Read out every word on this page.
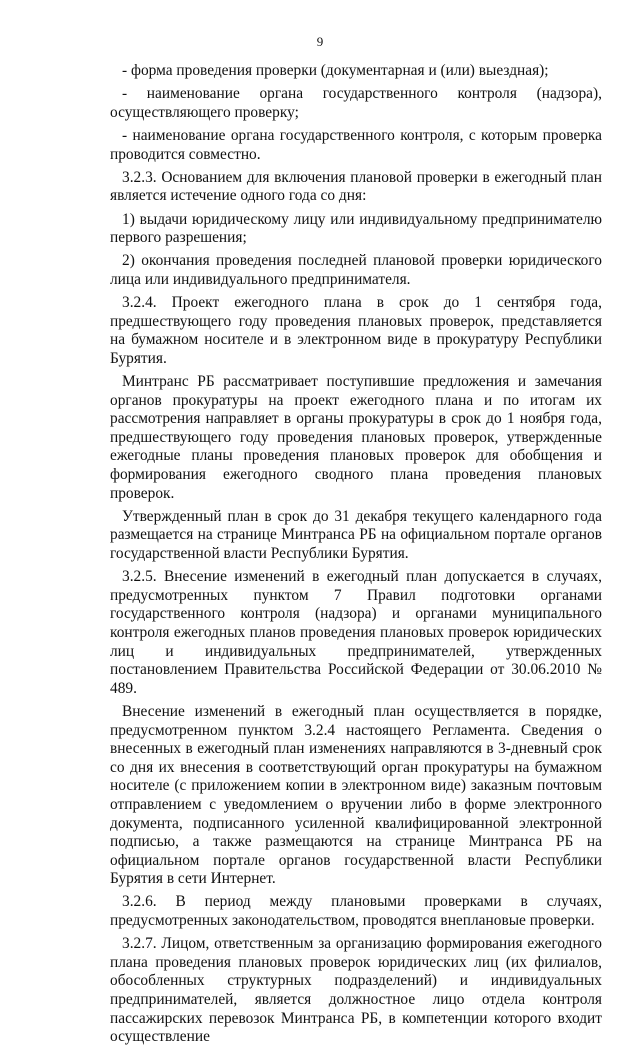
9

- форма проведения проверки (документарная и (или) выездная);

- наименование органа государственного контроля (надзора), осуществляющего проверку;

- наименование органа государственного контроля, с которым проверка проводится совместно.

3.2.3. Основанием для включения плановой проверки в ежегодный план является истечение одного года со дня:

1) выдачи юридическому лицу или индивидуальному предпринимателю первого разрешения;

2) окончания проведения последней плановой проверки юридического лица или индивидуального предпринимателя.

3.2.4. Проект ежегодного плана в срок до 1 сентября года, предшествующего году проведения плановых проверок, представляется на бумажном носителе и в электронном виде в прокуратуру Республики Бурятия.

Минтранс РБ рассматривает поступившие предложения и замечания органов прокуратуры на проект ежегодного плана и по итогам их рассмотрения направляет в органы прокуратуры в срок до 1 ноября года, предшествующего году проведения плановых проверок, утвержденные ежегодные планы проведения плановых проверок для обобщения и формирования ежегодного сводного плана проведения плановых проверок.

Утвержденный план в срок до 31 декабря текущего календарного года размещается на странице Минтранса РБ на официальном портале органов государственной власти Республики Бурятия.

3.2.5. Внесение изменений в ежегодный план допускается в случаях, предусмотренных пунктом 7 Правил подготовки органами государственного контроля (надзора) и органами муниципального контроля ежегодных планов проведения плановых проверок юридических лиц и индивидуальных предпринимателей, утвержденных постановлением Правительства Российской Федерации от 30.06.2010 № 489.

Внесение изменений в ежегодный план осуществляется в порядке, предусмотренном пунктом 3.2.4 настоящего Регламента. Сведения о внесенных в ежегодный план изменениях направляются в 3-дневный срок со дня их внесения в соответствующий орган прокуратуры на бумажном носителе (с приложением копии в электронном виде) заказным почтовым отправлением с уведомлением о вручении либо в форме электронного документа, подписанного усиленной квалифицированной электронной подписью, а также размещаются на странице Минтранса РБ на официальном портале органов государственной власти Республики Бурятия в сети Интернет.

3.2.6. В период между плановыми проверками в случаях, предусмотренных законодательством, проводятся внеплановые проверки.

3.2.7. Лицом, ответственным за организацию формирования ежегодного плана проведения плановых проверок юридических лиц (их филиалов, обособленных структурных подразделений) и индивидуальных предпринимателей, является должностное лицо отдела контроля пассажирских перевозок Минтранса РБ, в компетенции которого входит осуществление
